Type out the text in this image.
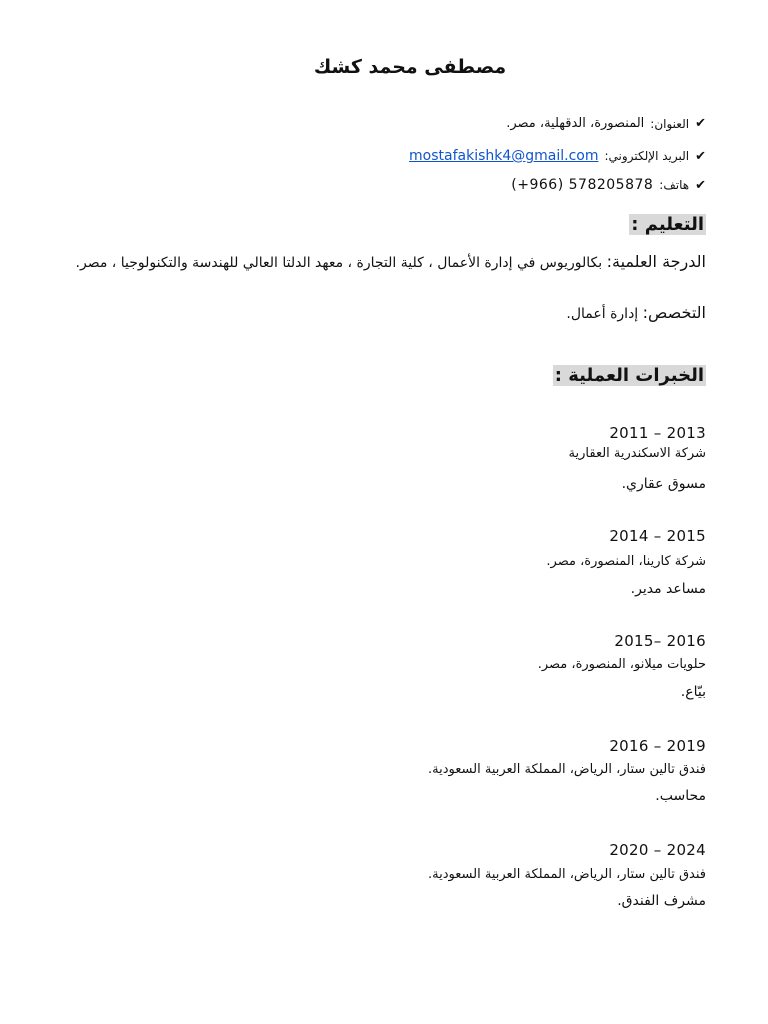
مصطفى محمد كشك
✔
العنوان:
المنصورة، الدقهلية، مصر.
✔
البريد الإلكتروني:
mostafakishk4@gmail.com
✔
هاتف:
(+966) 578205878
التعليم :
الدرجة العلمية: بكالوريوس في إدارة الأعمال ، كلية التجارة ، معهد الدلتا العالي للهندسة والتكنولوجيا ، مصر.
التخصص: إدارة أعمال.
الخبرات العملية :
2011 – 2013
شركة الاسكندرية العقارية
مسوق عقاري.
2014 – 2015
شركة كارينا، المنصورة، مصر.
مساعد مدير.
2015– 2016
حلويات ميلانو، المنصورة، مصر.
بيّاع.
2016 – 2019
فندق تالين ستار، الرياض، المملكة العربية السعودية.
محاسب.
2020 – 2024
فندق تالين ستار، الرياض، المملكة العربية السعودية.
مشرف الفندق.
